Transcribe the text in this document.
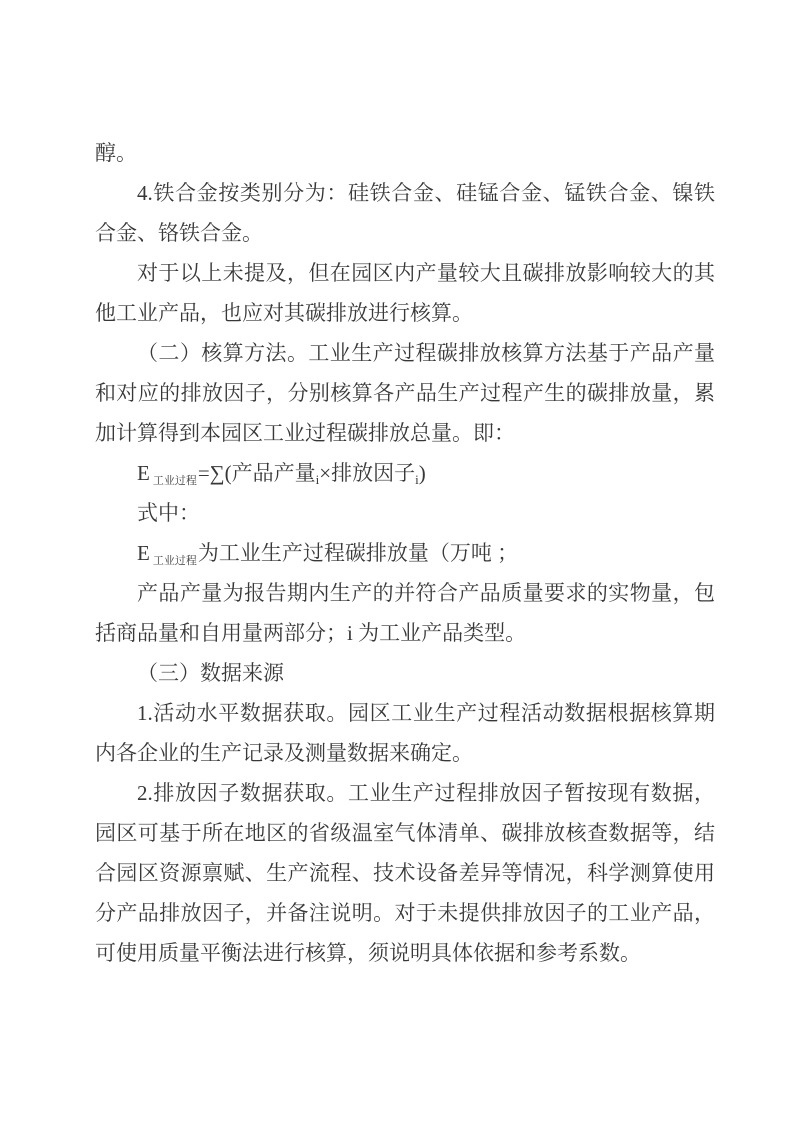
醇。

4.铁合金按类别分为：硅铁合金、硅锰合金、锰铁合金、镍铁合金、铬铁合金。

对于以上未提及，但在园区内产量较大且碳排放影响较大的其他工业产品，也应对其碳排放进行核算。

（二）核算方法。工业生产过程碳排放核算方法基于产品产量和对应的排放因子，分别核算各产品生产过程产生的碳排放量，累加计算得到本园区工业过程碳排放总量。即：

E $_{工业过程}$=∑(产品产量$_i$×排放因子$_i$)

式中：

E $_{工业过程}$为工业生产过程碳排放量（万吨 ；

产品产量为报告期内生产的并符合产品质量要求的实物量，包括商品量和自用量两部分；i 为工业产品类型。

（三）数据来源

1.活动水平数据获取。园区工业生产过程活动数据根据核算期内各企业的生产记录及测量数据来确定。

2.排放因子数据获取。工业生产过程排放因子暂按现有数据，园区可基于所在地区的省级温室气体清单、碳排放核查数据等，结合园区资源禀赋、生产流程、技术设备差异等情况，科学测算使用分产品排放因子，并备注说明。对于未提供排放因子的工业产品，可使用质量平衡法进行核算，须说明具体依据和参考系数。
